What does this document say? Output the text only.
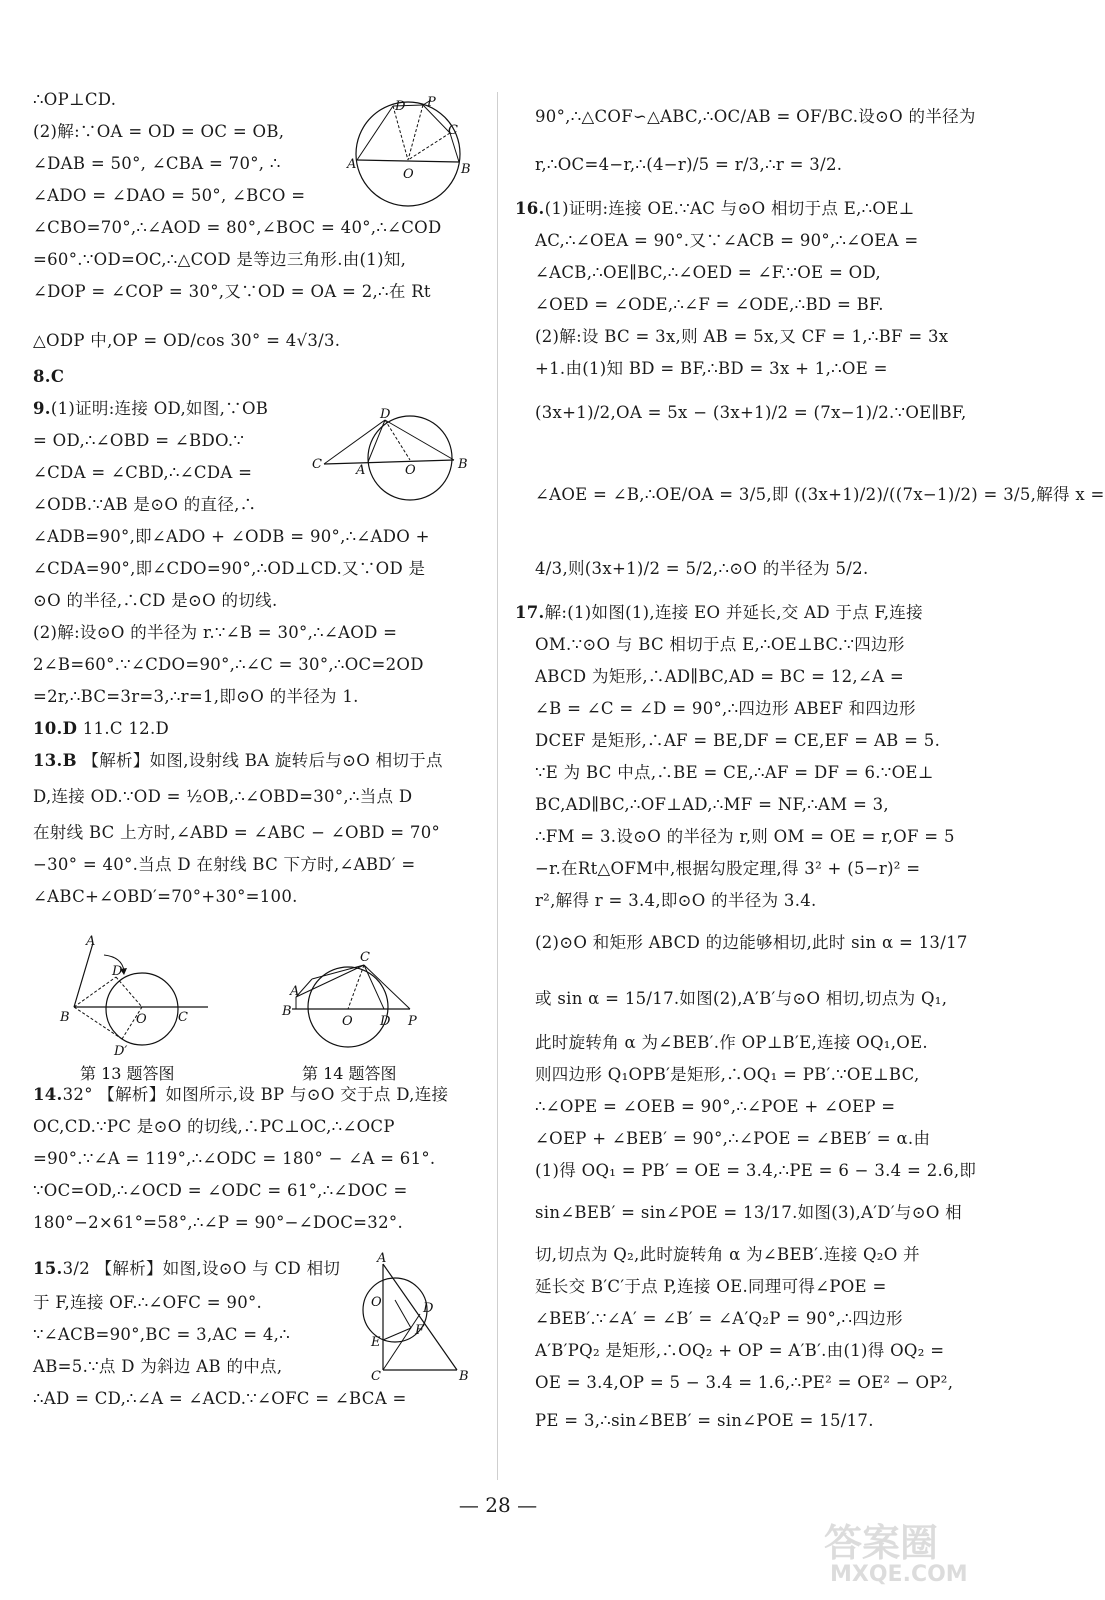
∴OP⊥CD.
(2)解:∵OA = OD = OC = OB,
∠DAB = 50°, ∠CBA = 70°, ∴
∠ADO = ∠DAO = 50°, ∠BCO =
∠CBO=70°,∴∠AOD = 80°,∠BOC = 40°,∴∠COD
=60°.∵OD=OC,∴△COD 是等边三角形.由(1)知,
∠DOP = ∠COP = 30°,又∵OD = OA = 2,∴在 Rt
△ODP 中,OP = OD/cos 30° = 4√3/3.
8.C
9.(1)证明:连接 OD,如图,∵OB
= OD,∴∠OBD = ∠BDO.∵
∠CDA = ∠CBD,∴∠CDA =
∠ODB.∵AB 是⊙O 的直径,∴
∠ADB=90°,即∠ADO + ∠ODB = 90°,∴∠ADO +
∠CDA=90°,即∠CDO=90°,∴OD⊥CD.又∵OD 是
⊙O 的半径,∴CD 是⊙O 的切线.
(2)解:设⊙O 的半径为 r.∵∠B = 30°,∴∠AOD =
2∠B=60°.∵∠CDO=90°,∴∠C = 30°,∴OC=2OD
=2r,∴BC=3r=3,∴r=1,即⊙O 的半径为 1.
10.D 11.C 12.D
13.B 【解析】如图,设射线 BA 旋转后与⊙O 相切于点
D,连接 OD.∵OD = ½OB,∴∠OBD=30°,∴当点 D
在射线 BC 上方时,∠ABD = ∠ABC − ∠OBD = 70°
−30° = 40°.当点 D 在射线 BC 下方时,∠ABD′ =
∠ABC+∠OBD′=70°+30°=100.
14.32° 【解析】如图所示,设 BP 与⊙O 交于点 D,连接
OC,CD.∵PC 是⊙O 的切线,∴PC⊥OC,∴∠OCP
=90°.∵∠A = 119°,∴∠ODC = 180° − ∠A = 61°.
∵OC=OD,∴∠OCD = ∠ODC = 61°,∴∠DOC =
180°−2×61°=58°,∴∠P = 90°−∠DOC=32°.
15.3/2 【解析】如图,设⊙O 与 CD 相切
于 F,连接 OF.∴∠OFC = 90°.
∵∠ACB=90°,BC = 3,AC = 4,∴
AB=5.∵点 D 为斜边 AB 的中点,
∴AD = CD,∴∠A = ∠ACD.∵∠OFC = ∠BCA =
90°,∴△COF∽△ABC,∴OC/AB = OF/BC.设⊙O 的半径为
r,∴OC=4−r,∴(4−r)/5 = r/3,∴r = 3/2.
16.(1)证明:连接 OE.∵AC 与⊙O 相切于点 E,∴OE⊥
AC,∴∠OEA = 90°.又∵∠ACB = 90°,∴∠OEA =
∠ACB,∴OE∥BC,∴∠OED = ∠F.∵OE = OD,
∠OED = ∠ODE,∴∠F = ∠ODE,∴BD = BF.
(2)解:设 BC = 3x,则 AB = 5x,又 CF = 1,∴BF = 3x
+1.由(1)知 BD = BF,∴BD = 3x + 1,∴OE =
(3x+1)/2,OA = 5x − (3x+1)/2 = (7x−1)/2.∵OE∥BF,
∠AOE = ∠B,∴OE/OA = 3/5,即 ((3x+1)/2)/((7x−1)/2) = 3/5,解得 x =
4/3,则(3x+1)/2 = 5/2,∴⊙O 的半径为 5/2.
17.解:(1)如图(1),连接 EO 并延长,交 AD 于点 F,连接
OM.∵⊙O 与 BC 相切于点 E,∴OE⊥BC.∵四边形
ABCD 为矩形,∴AD∥BC,AD = BC = 12,∠A =
∠B = ∠C = ∠D = 90°,∴四边形 ABEF 和四边形
DCEF 是矩形,∴AF = BE,DF = CE,EF = AB = 5.
∵E 为 BC 中点,∴BE = CE,∴AF = DF = 6.∵OE⊥
BC,AD∥BC,∴OF⊥AD,∴MF = NF,∴AM = 3,
∴FM = 3.设⊙O 的半径为 r,则 OM = OE = r,OF = 5
−r.在Rt△OFM中,根据勾股定理,得 3² + (5−r)² =
r²,解得 r = 3.4,即⊙O 的半径为 3.4.
(2)⊙O 和矩形 ABCD 的边能够相切,此时 sin α = 13/17
或 sin α = 15/17.如图(2),A′B′与⊙O 相切,切点为 Q₁,
此时旋转角 α 为∠BEB′.作 OP⊥B′E,连接 OQ₁,OE.
则四边形 Q₁OPB′是矩形,∴OQ₁ = PB′.∵OE⊥BC,
∴∠OPE = ∠OEB = 90°,∴∠POE + ∠OEP =
∠OEP + ∠BEB′ = 90°,∴∠POE = ∠BEB′ = α.由
(1)得 OQ₁ = PB′ = OE = 3.4,∴PE = 6 − 3.4 = 2.6,即
sin∠BEB′ = sin∠POE = 13/17.如图(3),A′D′与⊙O 相
切,切点为 Q₂,此时旋转角 α 为∠BEB′.连接 Q₂O 并
延长交 B′C′于点 P,连接 OE.同理可得∠POE =
∠BEB′.∵∠A′ = ∠B′ = ∠A′Q₂P = 90°,∴四边形
A′B′PQ₂ 是矩形,∴OQ₂ + OP = A′B′.由(1)得 OQ₂ =
OE = 3.4,OP = 5 − 3.4 = 1.6,∴PE² = OE² − OP²,
PE = 3,∴sin∠BEB′ = sin∠POE = 15/17.
D P
C
A	B
O
D
C	A	O	B
A
D
B	O C
D′
第 13 题答图
C
A
B
O D P
第 14 题答图
A
O	D
F
E
C	B
— 28 —
答案圈
MXQE.COM
